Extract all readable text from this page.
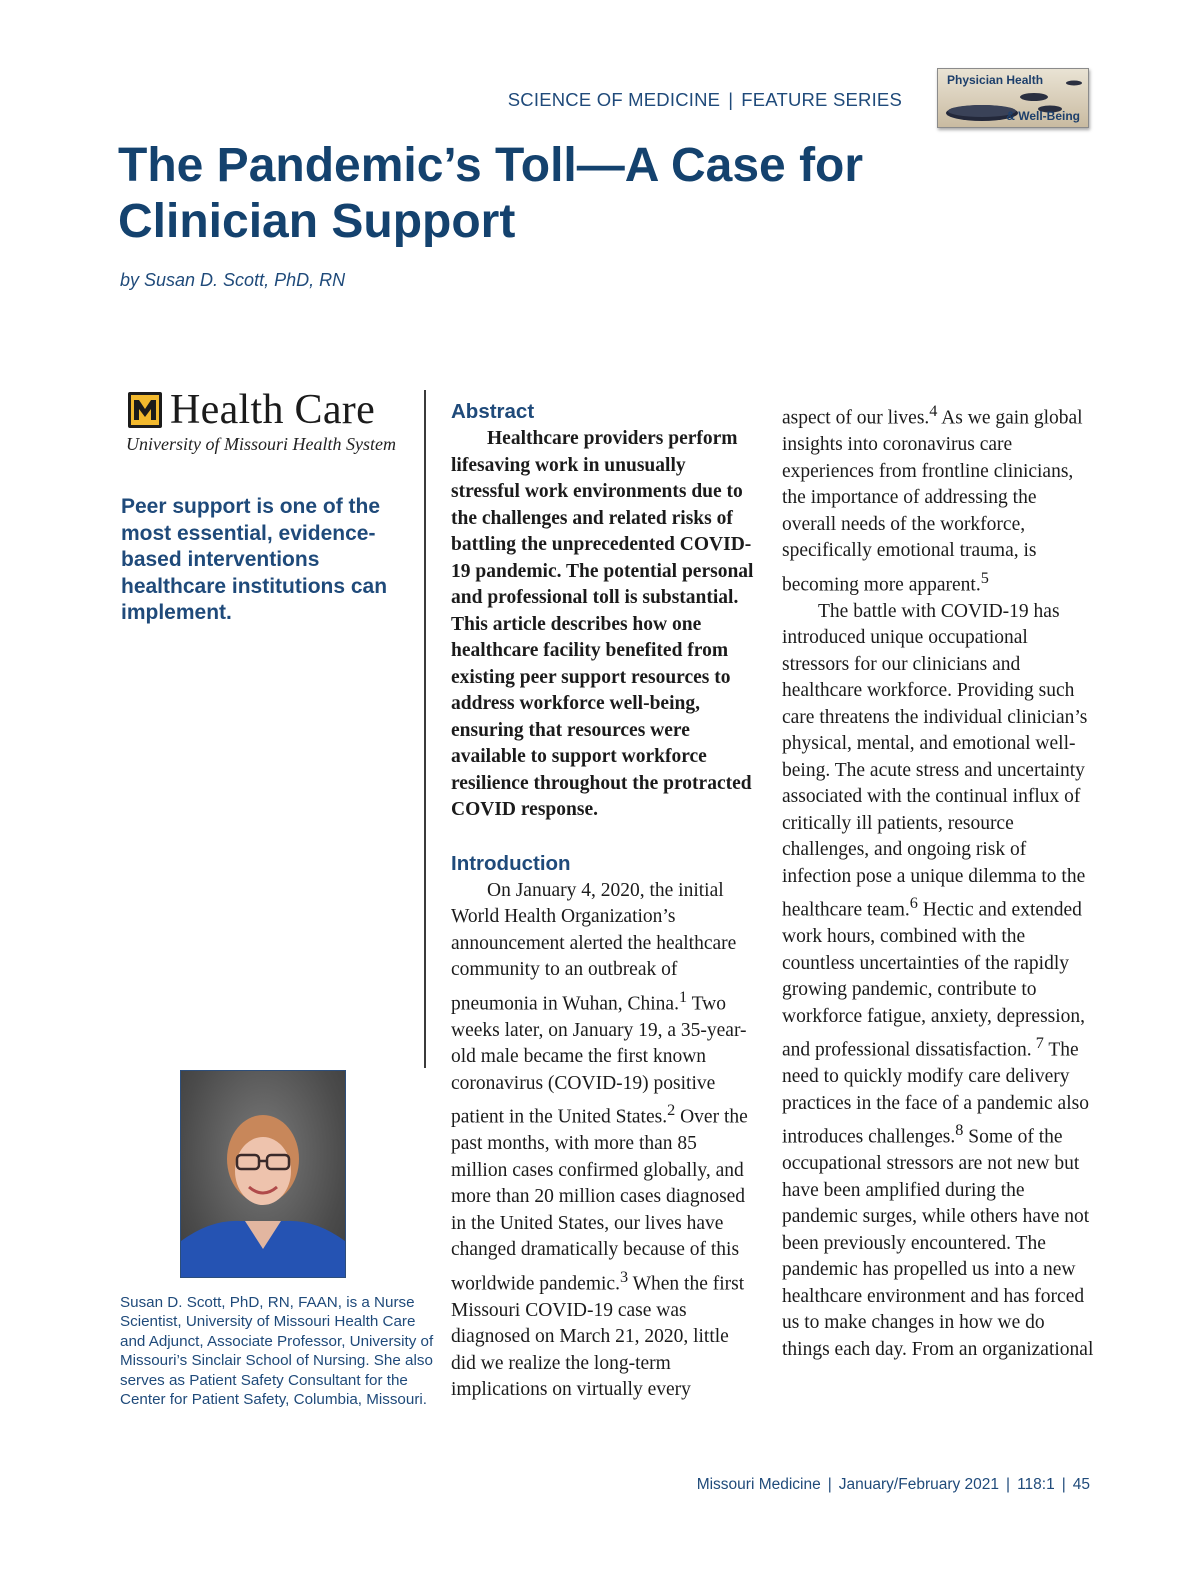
SCIENCE OF MEDICINE | FEATURE SERIES
Physician Health
& Well-Being
The Pandemic’s Toll—A Case for Clinician Support
by Susan D. Scott, PhD, RN
Health Care
University of Missouri Health System
Peer support is one of the most essential, evidence-based interventions healthcare institutions can implement.
Susan D. Scott, PhD, RN, FAAN, is a Nurse Scientist, University of Missouri Health Care and Adjunct, Associate Professor, University of Missouri’s Sinclair School of Nursing. She also serves as Patient Safety Consultant for the Center for Patient Safety, Columbia, Missouri.
Abstract

Healthcare providers perform lifesaving work in unusually stressful work environments due to the challenges and related risks of battling the unprecedented COVID-19 pandemic. The potential personal and professional toll is substantial. This article describes how one healthcare facility benefited from existing peer support resources to address workforce well-being, ensuring that resources were available to support workforce resilience throughout the protracted COVID response.

Introduction

On January 4, 2020, the initial World Health Organization’s announcement alerted the healthcare community to an outbreak of pneumonia in Wuhan, China.$^1$ Two weeks later, on January 19, a 35-year-old male became the first known coronavirus (COVID-19) positive patient in the United States.$^2$ Over the past months, with more than 85 million cases confirmed globally, and more than 20 million cases diagnosed in the United States, our lives have changed dramatically because of this worldwide pandemic.$^3$ When the first Missouri COVID-19 case was diagnosed on March 21, 2020, little did we realize the long-term implications on virtually every

aspect of our lives.$^4$ As we gain global insights into coronavirus care experiences from frontline clinicians, the importance of addressing the overall needs of the workforce, specifically emotional trauma, is becoming more apparent.$^5$

The battle with COVID-19 has introduced unique occupational stressors for our clinicians and healthcare workforce. Providing such care threatens the individual clinician’s physical, mental, and emotional well-being. The acute stress and uncertainty associated with the continual influx of critically ill patients, resource challenges, and ongoing risk of infection pose a unique dilemma to the healthcare team.$^6$ Hectic and extended work hours, combined with the countless uncertainties of the rapidly growing pandemic, contribute to workforce fatigue, anxiety, depression, and professional dissatisfaction. $^7$ The need to quickly modify care delivery practices in the face of a pandemic also introduces challenges.$^8$ Some of the occupational stressors are not new but have been amplified during the pandemic surges, while others have not been previously encountered. The pandemic has propelled us into a new healthcare environment and has forced us to make changes in how we do things each day. From an organizational

Missouri Medicine | January/February 2021 | 118:1 | 45
